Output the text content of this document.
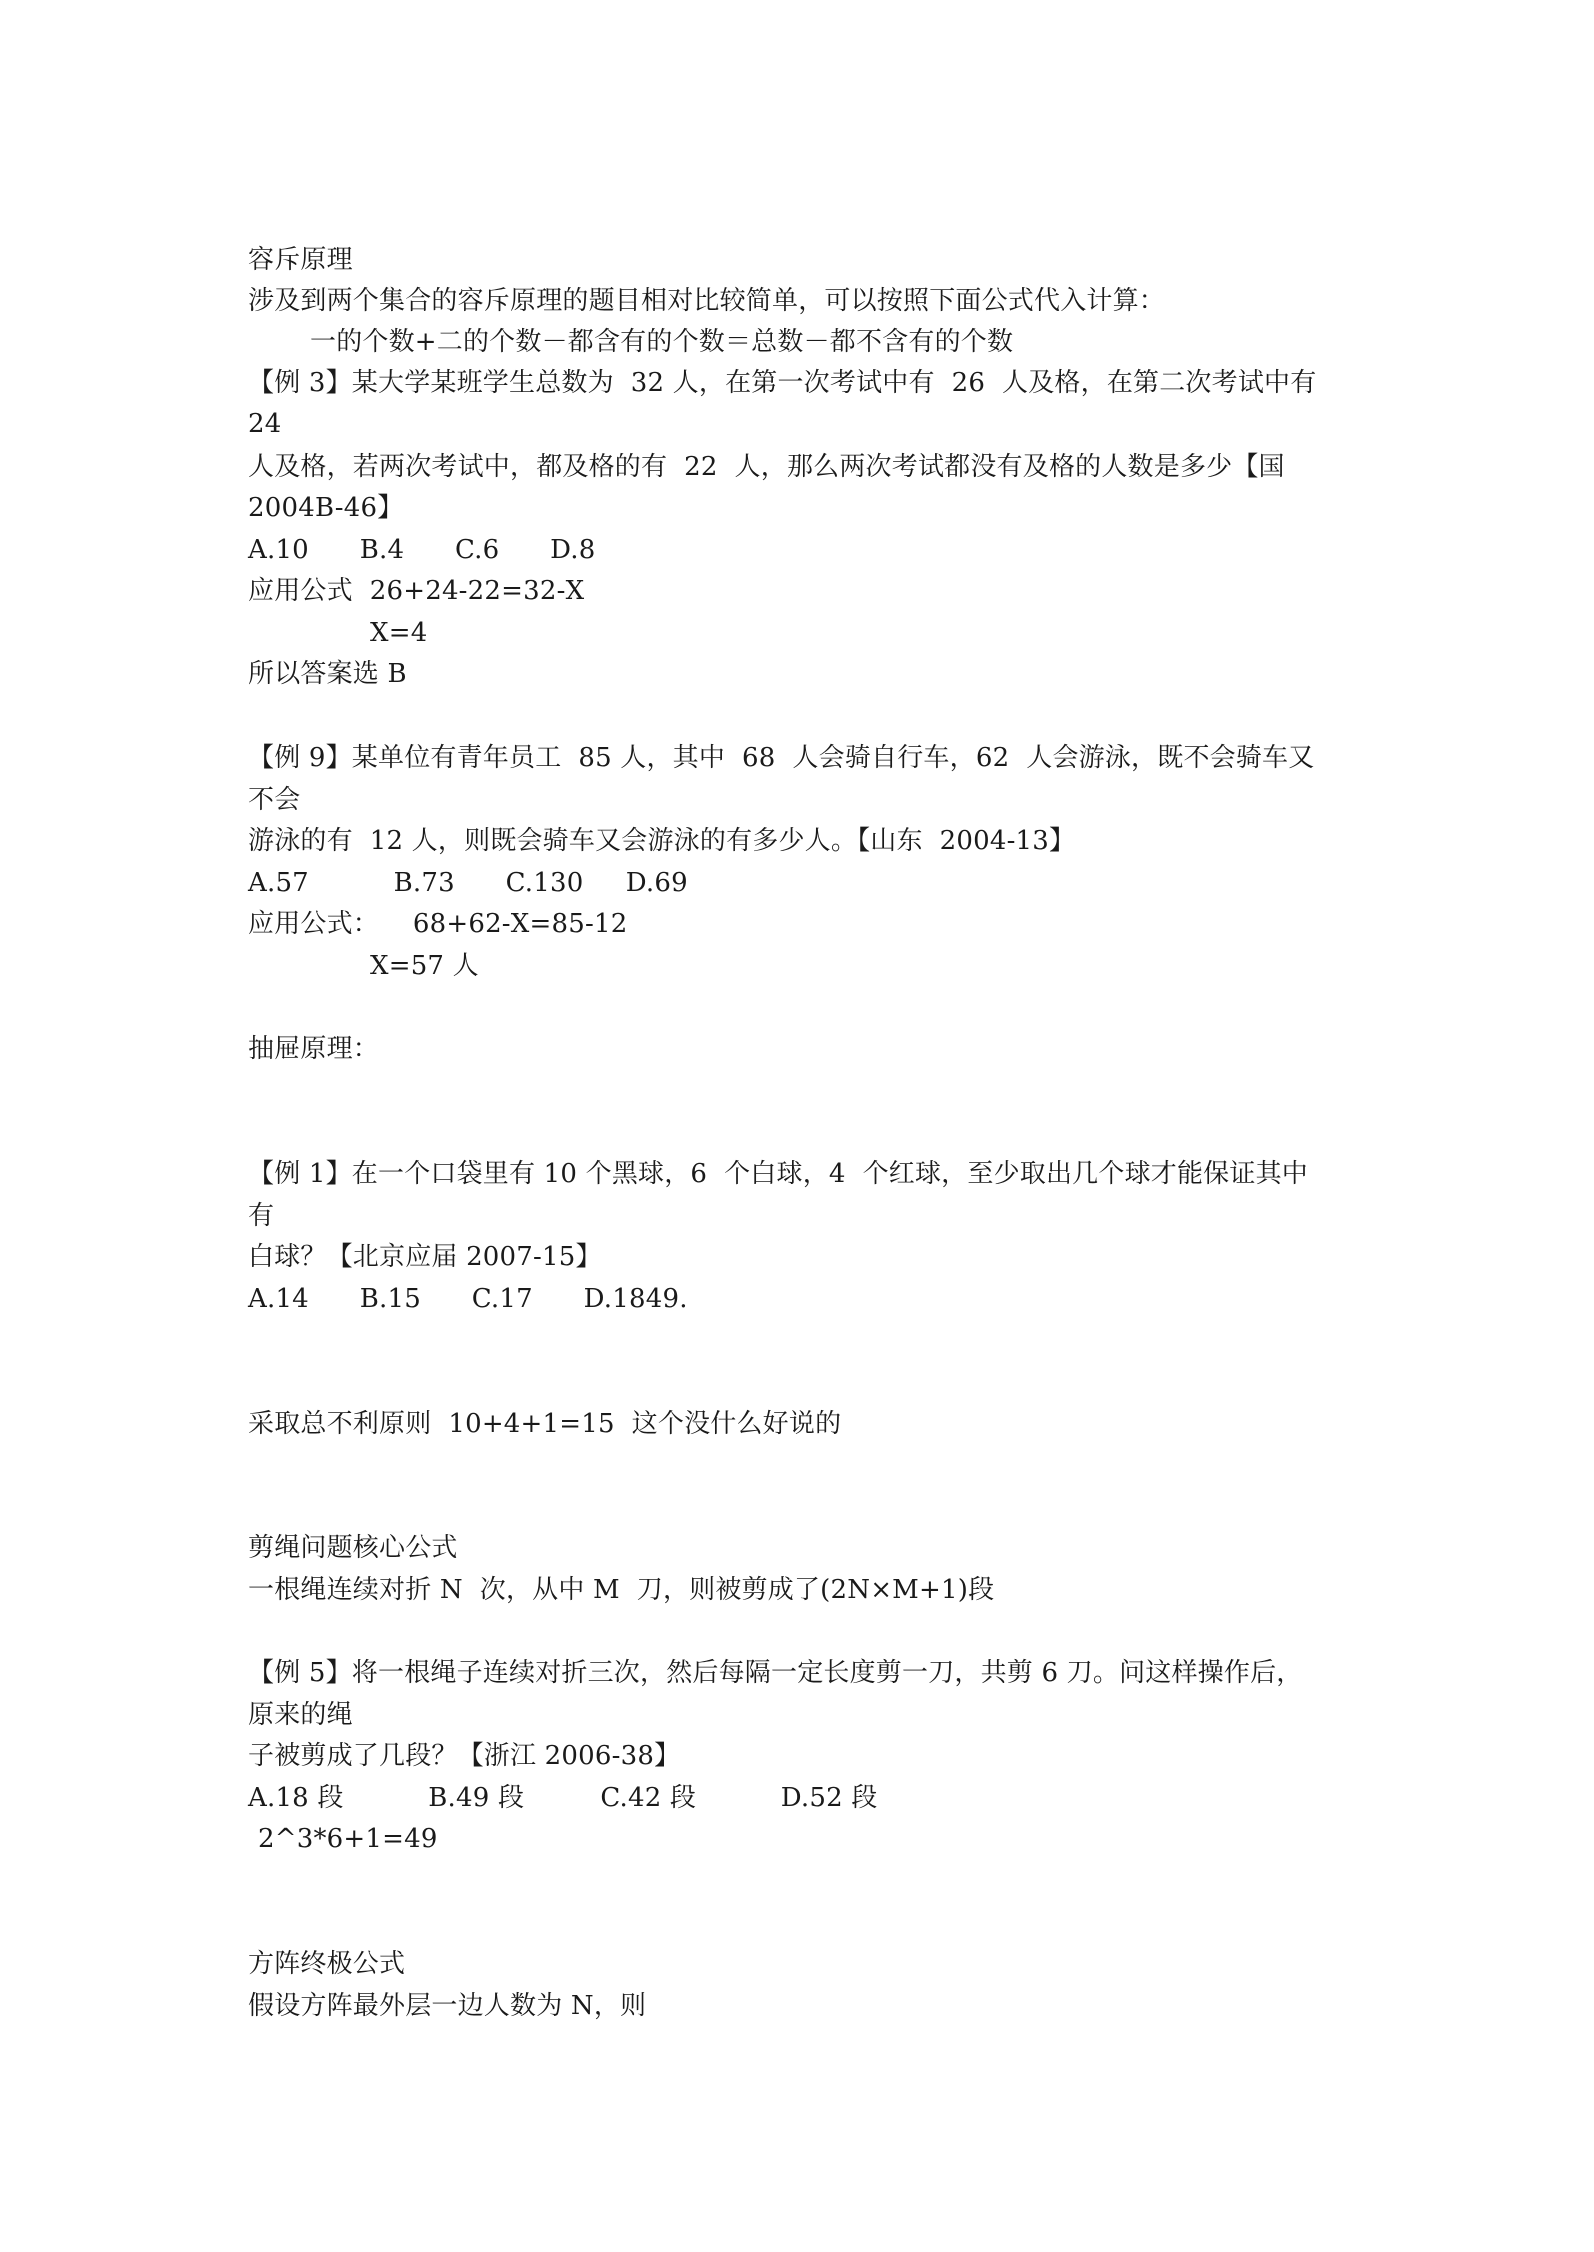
容斥原理
涉及到两个集合的容斥原理的题目相对比较简单，可以按照下面公式代入计算：
一的个数+二的个数－都含有的个数＝总数－都不含有的个数
【例 3】某大学某班学生总数为  32 人，在第一次考试中有  26  人及格，在第二次考试中有
24
人及格，若两次考试中，都及格的有  22  人，那么两次考试都没有及格的人数是多少【国
2004B-46】
A.10      B.4      C.6      D.8
应用公式  26+24-22=32-X
X=4
所以答案选 B
【例 9】某单位有青年员工  85 人，其中  68  人会骑自行车，62  人会游泳，既不会骑车又
不会
游泳的有  12 人，则既会骑车又会游泳的有多少人。【山东  2004-13】
A.57          B.73      C.130     D.69
应用公式：    68+62-X=85-12
X=57 人
抽屉原理：
【例 1】在一个口袋里有 10 个黑球，6  个白球，4  个红球，至少取出几个球才能保证其中
有
白球？【北京应届 2007-15】
A.14      B.15      C.17      D.1849.
采取总不利原则  10+4+1=15  这个没什么好说的
剪绳问题核心公式
一根绳连续对折 N  次，从中 M  刀，则被剪成了(2N×M+1)段
【例 5】将一根绳子连续对折三次，然后每隔一定长度剪一刀，共剪 6 刀。问这样操作后，
原来的绳
子被剪成了几段？【浙江 2006-38】
A.18 段          B.49 段         C.42 段          D.52 段
2^3*6+1=49
方阵终极公式
假设方阵最外层一边人数为 N，则
